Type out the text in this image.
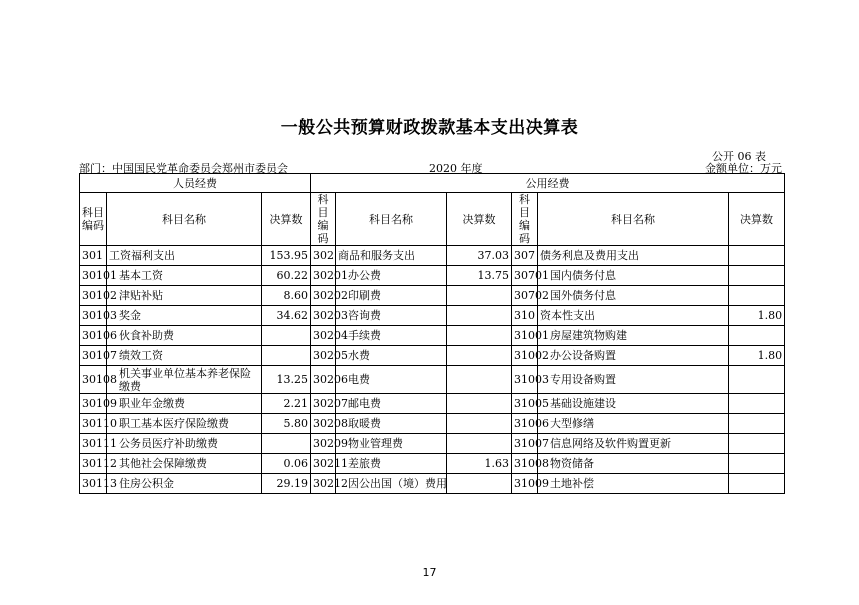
一般公共预算财政拨款基本支出决算表
公开 06 表
部门：中国国民党革命委员会郑州市委员会	2020 年度	金额单位：万元
人员经费			公用经费					
科目编码	科目名称	决算数	科目编码	科目名称	决算数	科目编码	科目名称	决算数
301	工资福利支出	153.95	302	商品和服务支出	37.03	307	债务利息及费用支出	
30101	基本工资	60.22	30201	办公费	13.75	30701	国内债务付息	
30102	津贴补贴	8.60	30202	印刷费		30702	国外债务付息	
30103	奖金	34.62	30203	咨询费		310	资本性支出	1.80
30106	伙食补助费		30204	手续费		31001	房屋建筑物购建	
30107	绩效工资		30205	水费		31002	办公设备购置	1.80
30108	机关事业单位基本养老保险缴费	13.25	30206	电费		31003	专用设备购置	
30109	职业年金缴费	2.21	30207	邮电费		31005	基础设施建设	
30110	职工基本医疗保险缴费	5.80	30208	取暖费		31006	大型修缮	
30111	公务员医疗补助缴费		30209	物业管理费		31007	信息网络及软件购置更新	
30112	其他社会保障缴费	0.06	30211	差旅费	1.63	31008	物资储备	
30113	住房公积金	29.19	30212	因公出国（境）费用		31009	土地补偿	
17
